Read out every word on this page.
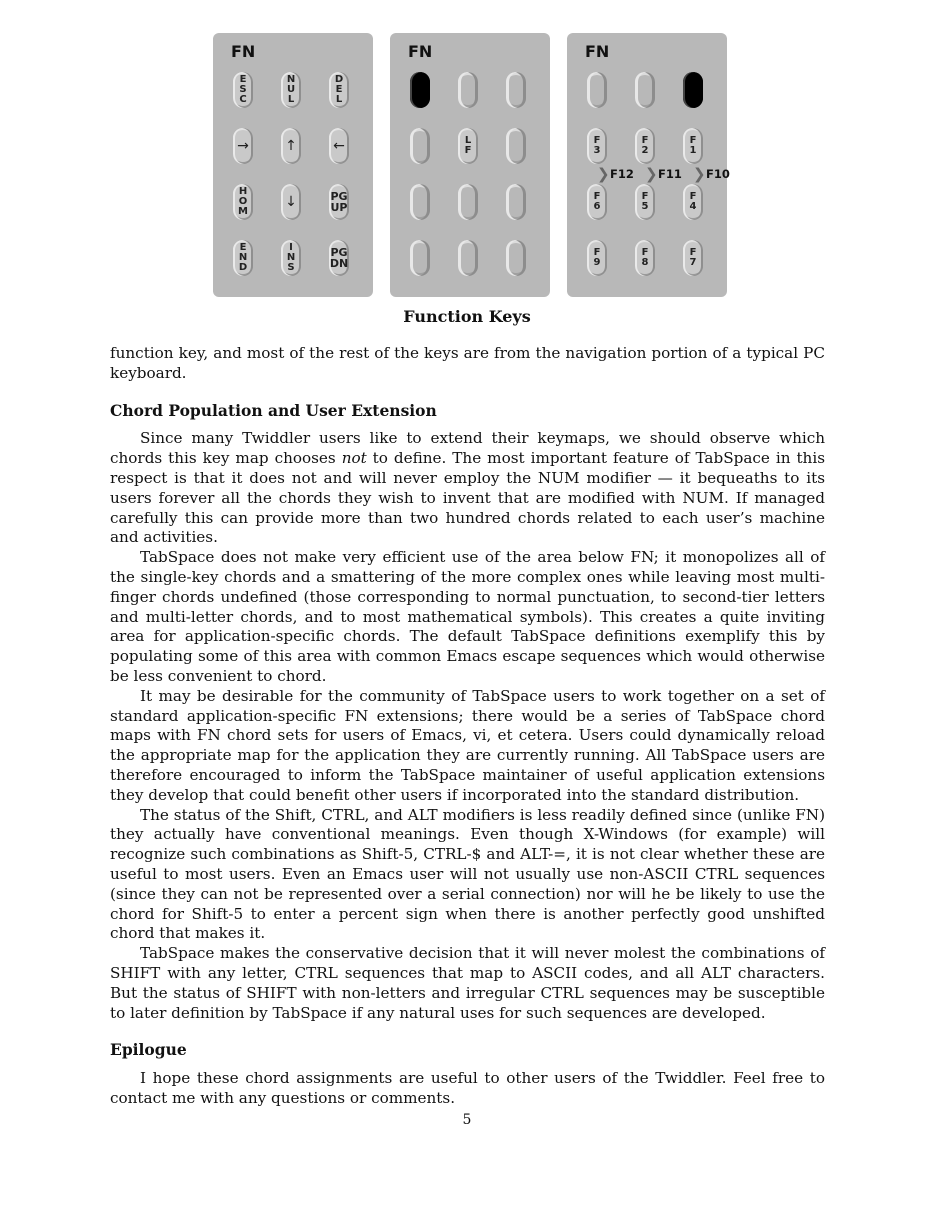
FN
E
S
C
N
U
L
D
E
L
→	↑	←
H
O
M
↓	PG
UP
E
N
D
I
N
S
PG
DN
FN
L
F
FN
❯ F12 ❯ F11 ❯ F10
F
3
F
2
F
1
F
6
F
5
F
4
F
9
F
8
F
7
Function Keys

function key, and most of the rest of the keys are from the navigation portion of a typical PC keyboard.

Chord Population and User Extension

Since many Twiddler users like to extend their keymaps, we should observe which chords this key map chooses not to define. The most important feature of TabSpace in this respect is that it does not and will never employ the NUM modifier — it bequeaths to its users forever all the chords they wish to invent that are modified with NUM. If managed carefully this can provide more than two hundred chords related to each user’s machine and activities.

TabSpace does not make very efficient use of the area below FN; it monopolizes all of the single-key chords and a smattering of the more complex ones while leaving most multi-finger chords undefined (those corresponding to normal punctuation, to second-tier letters and multi-letter chords, and to most mathematical symbols). This creates a quite inviting area for application-specific chords. The default TabSpace definitions exemplify this by populating some of this area with common Emacs escape sequences which would otherwise be less convenient to chord.

It may be desirable for the community of TabSpace users to work together on a set of standard application-specific FN extensions; there would be a series of TabSpace chord maps with FN chord sets for users of Emacs, vi, et cetera. Users could dynamically reload the appropriate map for the application they are currently running. All TabSpace users are therefore encouraged to inform the TabSpace maintainer of useful application extensions they develop that could benefit other users if incorporated into the standard distribution.

The status of the Shift, CTRL, and ALT modifiers is less readily defined since (unlike FN) they actually have conventional meanings. Even though X-Windows (for example) will recognize such combinations as Shift-5, CTRL-$ and ALT-=, it is not clear whether these are useful to most users. Even an Emacs user will not usually use non-ASCII CTRL sequences (since they can not be represented over a serial connection) nor will he be likely to use the chord for Shift-5 to enter a percent sign when there is another perfectly good unshifted chord that makes it.

TabSpace makes the conservative decision that it will never molest the combinations of SHIFT with any letter, CTRL sequences that map to ASCII codes, and all ALT characters. But the status of SHIFT with non-letters and irregular CTRL sequences may be susceptible to later definition by TabSpace if any natural uses for such sequences are developed.

Epilogue

I hope these chord assignments are useful to other users of the Twiddler. Feel free to contact me with any questions or comments.

5
